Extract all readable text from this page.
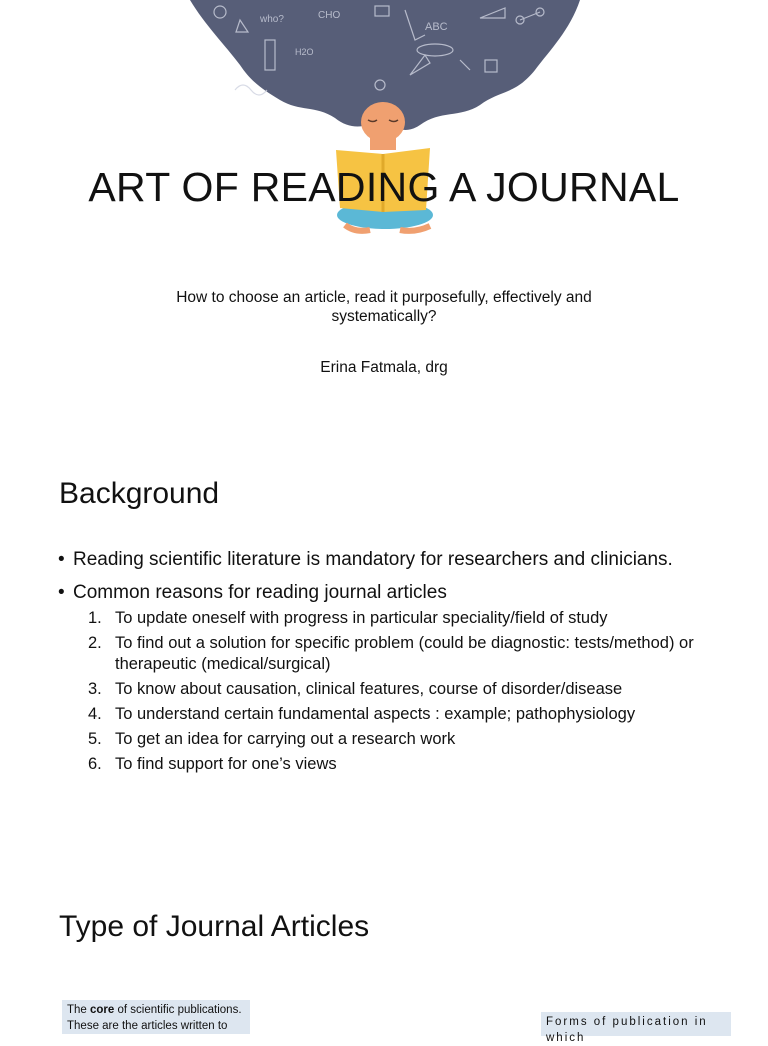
who?	CHO
ABC
H2O
ART OF READING A JOURNAL
How to choose an article, read it purposefully, effectively and systematically?
Erina Fatmala, drg
Background
• Reading scientific literature is mandatory for researchers and clinicians.
• Common reasons for reading journal articles
1. To update oneself with progress in particular speciality/field of study
2. To find out a solution for specific problem (could be diagnostic: tests/method) or therapeutic (medical/surgical)
3. To know about causation, clinical features, course of disorder/disease
4. To understand certain fundamental aspects : example; pathophysiology
5. To get an idea for carrying out a research work
6. To find support for one’s views
Type of Journal Articles
The core of scientific publications.
These are the articles written to	Forms of publication in which
